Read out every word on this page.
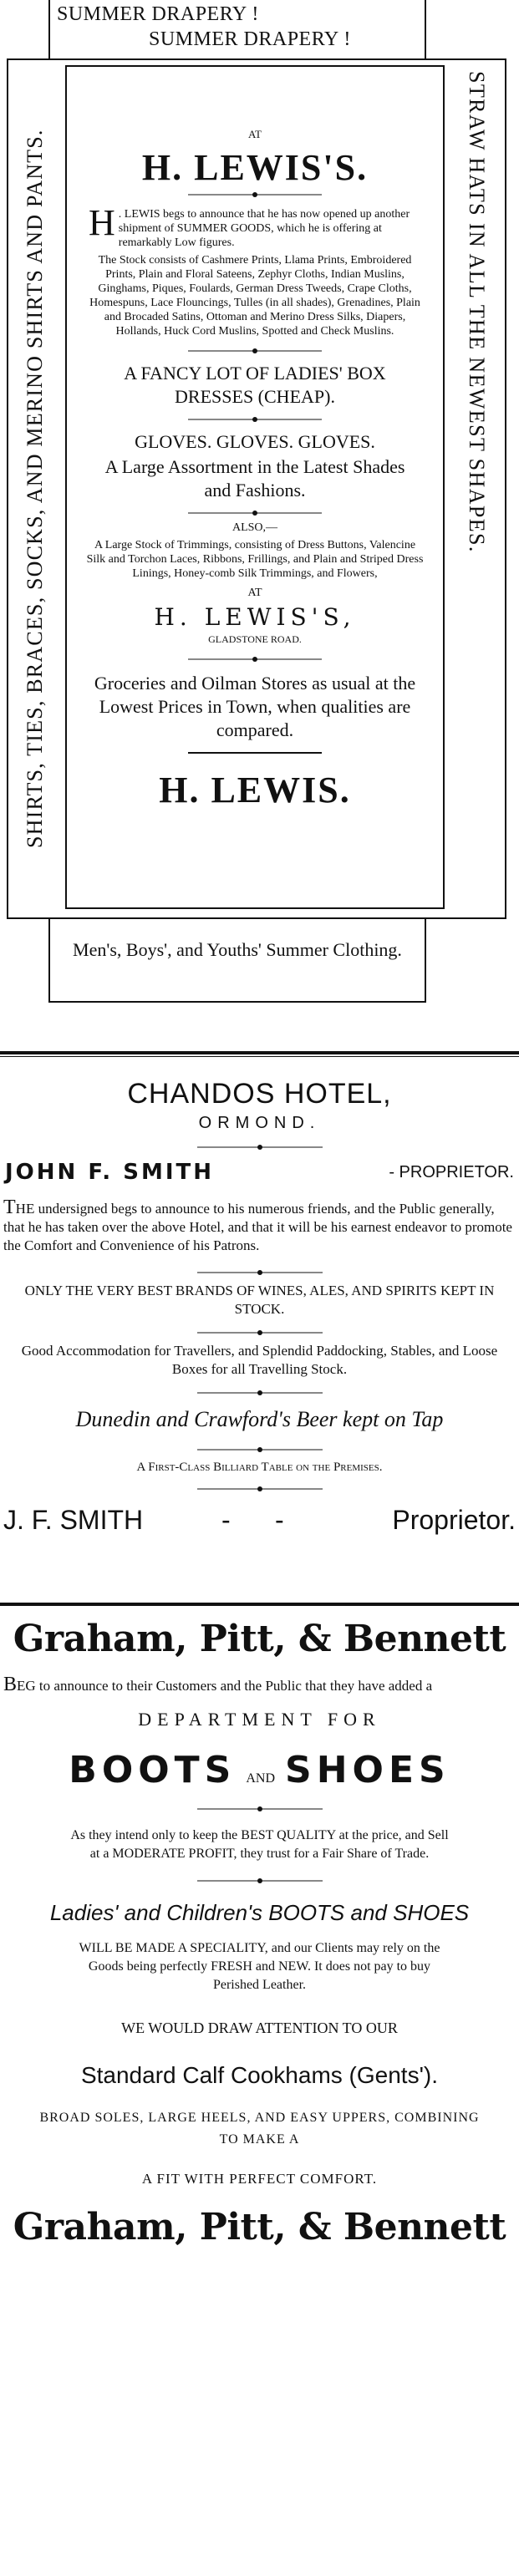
SUMMER DRAPERY !
SUMMER DRAPERY !
SHIRTS, TIES, BRACES, SOCKS, AND MERINO SHIRTS AND PANTS.	STRAW HATS IN ALL THE NEWEST SHAPES.
AT
H. LEWIS'S.
H . LEWIS begs to announce that he has now opened up another shipment of SUMMER GOODS, which he is offering at remarkably Low figures.
The Stock consists of Cashmere Prints, Llama Prints, Embroidered Prints, Plain and Floral Sateens, Zephyr Cloths, Indian Muslins, Ginghams, Piques, Foulards, German Dress Tweeds, Crape Cloths, Homespuns, Lace Flouncings, Tulles (in all shades), Grenadines, Plain and Brocaded Satins, Ottoman and Merino Dress Silks, Diapers, Hollands, Huck Cord Muslins, Spotted and Check Muslins.
A FANCY LOT OF LADIES' BOX DRESSES (CHEAP).
GLOVES. GLOVES. GLOVES.
A Large Assortment in the Latest Shades and Fashions.
ALSO,—
A Large Stock of Trimmings, consisting of Dress Buttons, Valencine Silk and Torchon Laces, Ribbons, Frillings, and Plain and Striped Dress Linings, Honey-comb Silk Trimmings, and Flowers,
AT
H. LEWIS'S,
GLADSTONE ROAD.
Groceries and Oilman Stores as usual at the Lowest Prices in Town, when qualities are compared.
H. LEWIS.
Men's, Boys', and Youths' Summer Clothing.
CHANDOS HOTEL,
ORMOND.
JOHN F. SMITH	- PROPRIETOR.
THE undersigned begs to announce to his numerous friends, and the Public generally, that he has taken over the above Hotel, and that it will be his earnest endeavor to promote the Comfort and Convenience of his Patrons.
ONLY THE VERY BEST BRANDS OF WINES, ALES, AND SPIRITS KEPT IN STOCK.
Good Accommodation for Travellers, and Splendid Paddocking, Stables, and Loose Boxes for all Travelling Stock.
Dunedin and Crawford's Beer kept on Tap
A First-Class Billiard Table on the Premises.
J. F. SMITH	-      -	Proprietor.
Graham, Pitt, & Bennett
BEG to announce to their Customers and the Public that they have added a
DEPARTMENT FOR
BOOTS AND SHOES
As they intend only to keep the BEST QUALITY at the price, and Sell at a MODERATE PROFIT, they trust for a Fair Share of Trade.
Ladies' and Children's BOOTS and SHOES
WILL BE MADE A SPECIALITY, and our Clients may rely on the Goods being perfectly FRESH and NEW. It does not pay to buy Perished Leather.
WE WOULD DRAW ATTENTION TO OUR
Standard Calf Cookhams (Gents').
BROAD SOLES, LARGE HEELS, AND EASY UPPERS, COMBINING TO MAKE A
A FIT WITH PERFECT COMFORT.
Graham, Pitt, & Bennett
